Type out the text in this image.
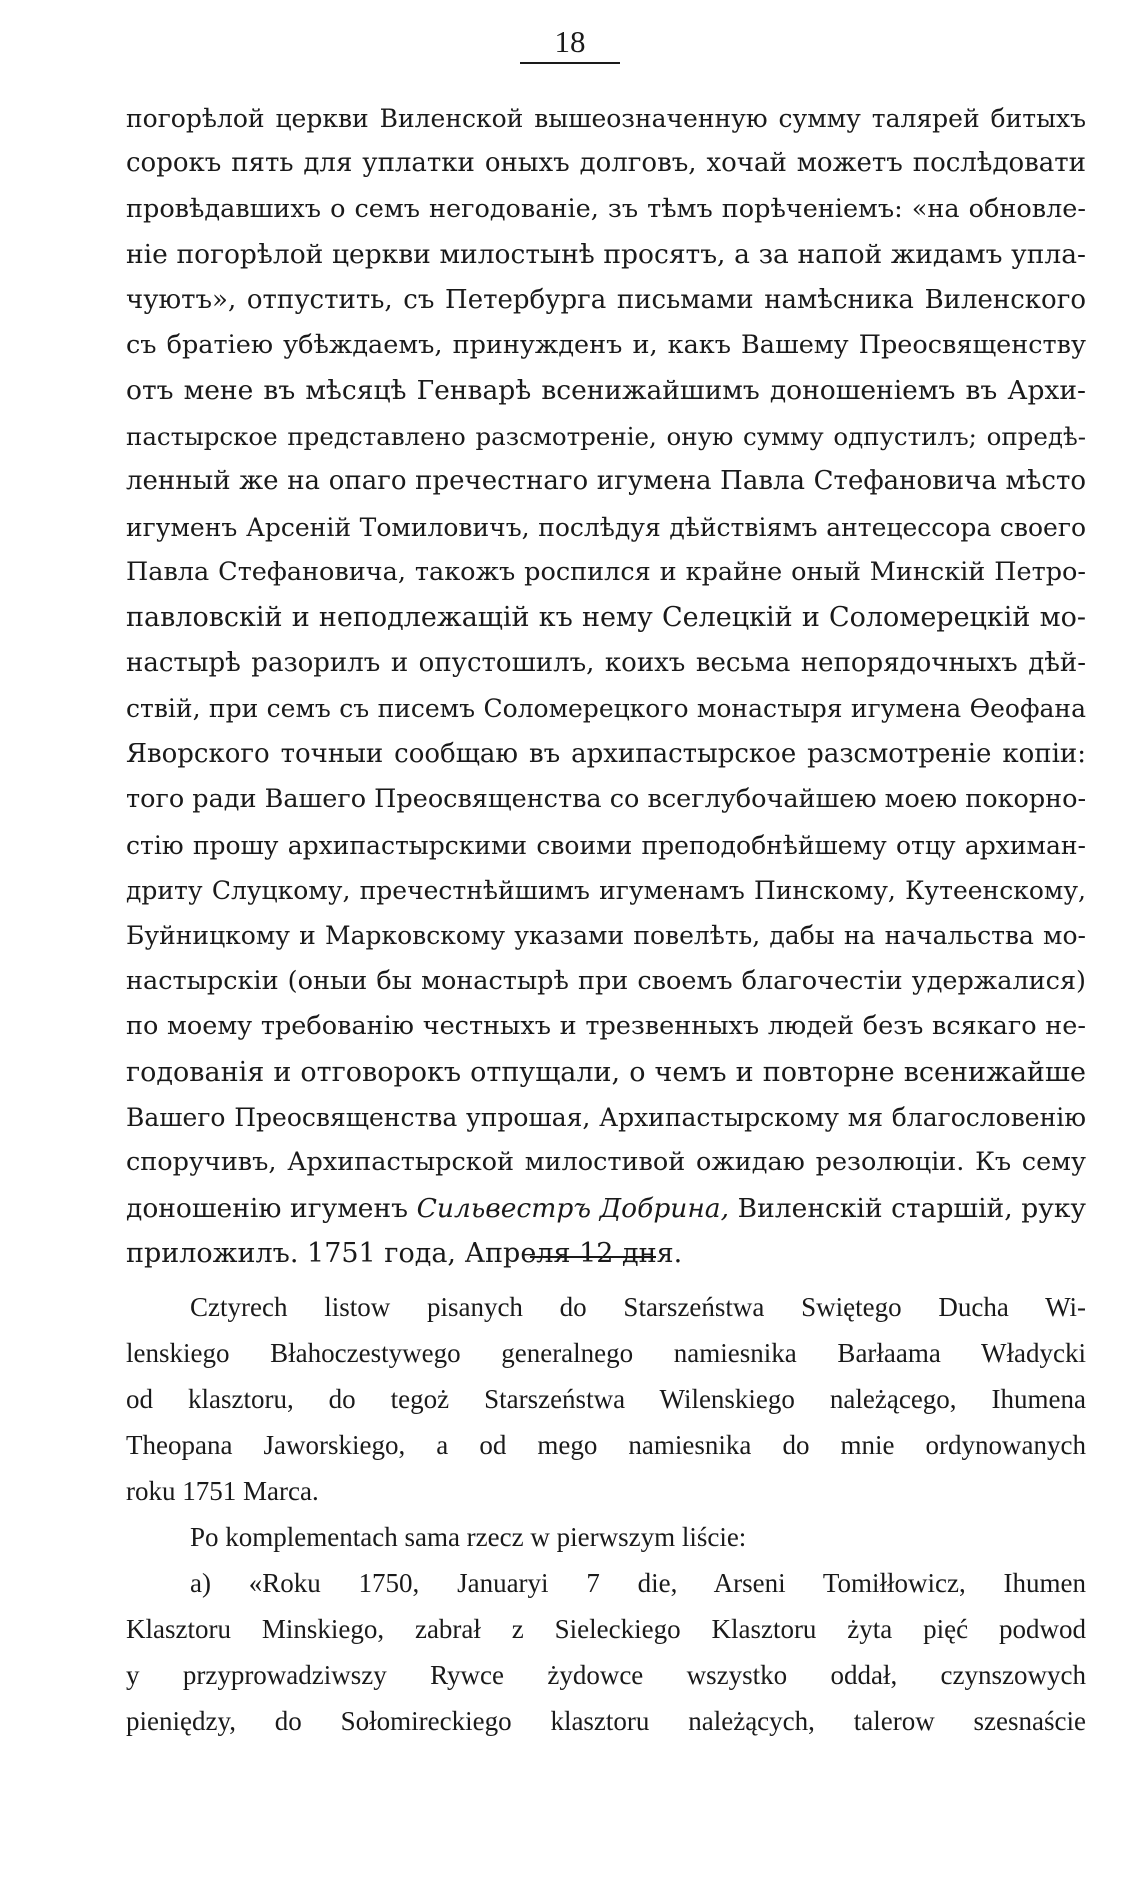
18
погорѣлой церкви Виленской вышеозначенную сумму талярей битыхъ
сорокъ пять для уплатки оныхъ долговъ, хочай можетъ послѣдовати
провѣдавшихъ о семъ негодованіе, зъ тѣмъ порѣченіемъ: «на обновле-
ніе погорѣлой церкви милостынѣ просятъ, а за напой жидамъ упла-
чуютъ», отпустить, съ Петербурга письмами намѣсника Виленского
съ братіею убѣждаемъ, принужденъ и, какъ Вашему Преосвященству
отъ мене въ мѣсяцѣ Генварѣ всенижайшимъ доношеніемъ въ Архи-
пастырское представлено разсмотреніе, оную сумму одпустилъ; опредѣ-
ленный же на опаго пречестнаго игумена Павла Стефановича мѣсто
игуменъ Арсеній Томиловичъ, послѣдуя дѣйствіямъ антецессора своего
Павла Стефановича, такожъ роспился и крайне оный Минскій Петро-
павловскій и неподлежащій къ нему Селецкій и Соломерецкій мо-
настырѣ разорилъ и опустошилъ, коихъ весьма непорядочныхъ дѣй-
ствій, при семъ съ писемъ Соломерецкого монастыря игумена Ѳеофана
Яворского точныи сообщаю въ архипастырское разсмотреніе копіи:
того ради Вашего Преосвященства со всеглубочайшею моею покорно-
стію прошу архипастырскими своими преподобнѣйшему отцу архиман-
дриту Слуцкому, пречестнѣйшимъ игуменамъ Пинскому, Кутеенскому,
Буйницкому и Марковскому указами повелѣть, дабы на начальства мо-
настырскіи (оныи бы монастырѣ при своемъ благочестіи удержалися)
по моему требованію честныхъ и трезвенныхъ людей безъ всякаго не-
годованія и отговорокъ отпущали, о чемъ и повторне всенижайше
Вашего Преосвященства упрошая, Архипастырскому мя благословенію
споручивъ, Архипастырской милостивой ожидаю резолюціи. Къ сему
доношенію игуменъ Сильвестръ Добрина, Виленскій старшій, руку
приложилъ. 1751 года, Апреля 12 дня.
Cztyrech listow pisanych do Starszeństwa Swiętego Ducha Wi-
lenskiego Błahoczestywego generalnego namiesnika Barłaama Władycki
od klasztoru, do tegoż Starszeństwa Wilenskiego należącego, Ihumena
Theopana Jaworskiego, a od mego namiesnika do mnie ordynowanych
roku 1751 Marca.
Po komplementach sama rzecz w pierwszym liście:
a) «Roku 1750, Januaryi 7 die, Arseni Tomiłłowicz, Ihumen
Klasztoru Minskiego, zabrał z Sieleckiego Klasztoru żyta pięć podwod
y przyprowadziwszy Rywce żydowce wszystko oddał, czynszowych
pieniędzy, do Sołomireckiego klasztoru należących, talerow szesnaście
